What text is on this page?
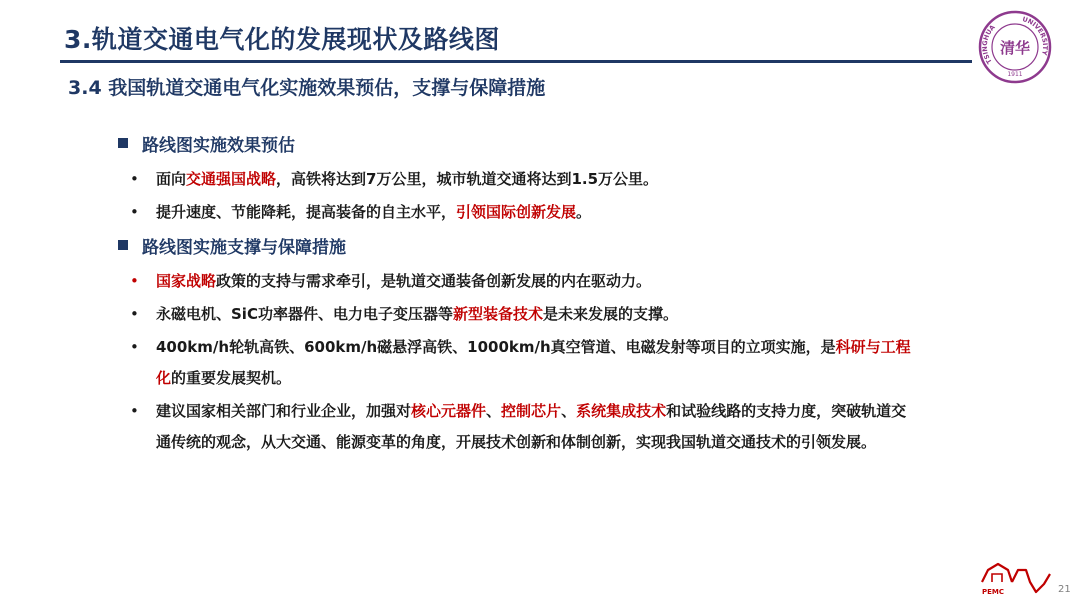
3.轨道交通电气化的发展现状及路线图
3.4 我国轨道交通电气化实施效果预估，支撑与保障措施
TSINGHUA
UNIVERSITY
清华
1911
路线图实施效果预估
• 面向交通强国战略，高铁将达到7万公里，城市轨道交通将达到1.5万公里。
• 提升速度、节能降耗，提高装备的自主水平，引领国际创新发展。
路线图实施支撑与保障措施
• 国家战略政策的支持与需求牵引，是轨道交通装备创新发展的内在驱动力。
• 永磁电机、SiC功率器件、电力电子变压器等新型装备技术是未来发展的支撑。
• 400km/h轮轨高铁、600km/h磁悬浮高铁、1000km/h真空管道、电磁发射等项目的立项实施，是科研与工程化的重要发展契机。
• 建议国家相关部门和行业企业，加强对核心元器件、控制芯片、系统集成技术和试验线路的支持力度，突破轨道交通传统的观念，从大交通、能源变革的角度，开展技术创新和体制创新，实现我国轨道交通技术的引领发展。
PEMC	21
